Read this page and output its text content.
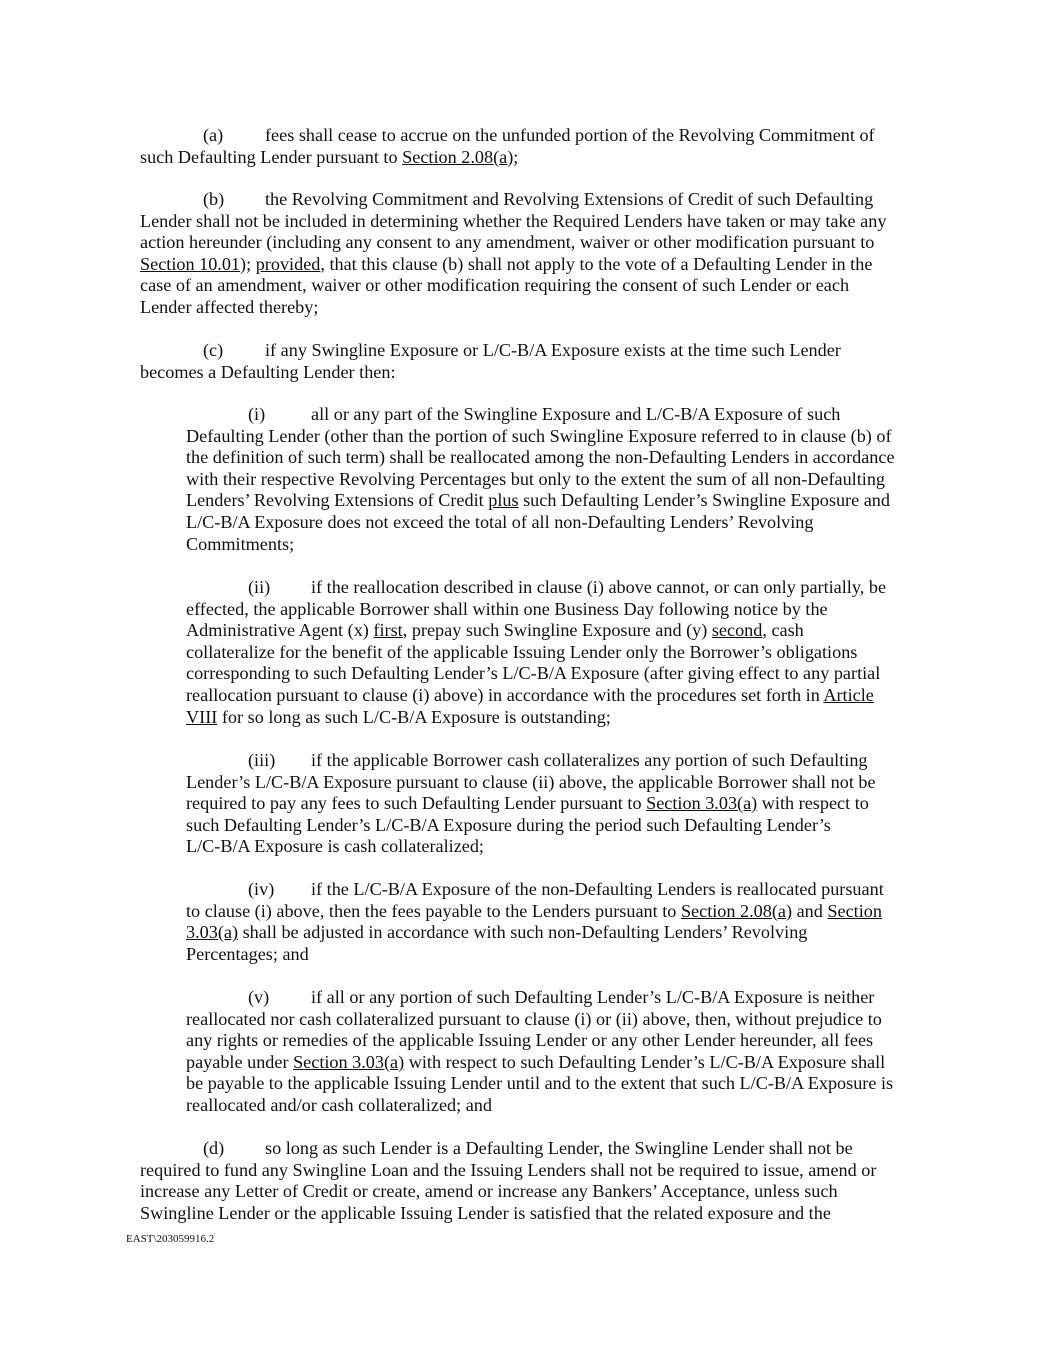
(a) fees shall cease to accrue on the unfunded portion of the Revolving Commitment of
such Defaulting Lender pursuant to Section 2.08(a);
(b) the Revolving Commitment and Revolving Extensions of Credit of such Defaulting
Lender shall not be included in determining whether the Required Lenders have taken or may take any
action hereunder (including any consent to any amendment, waiver or other modification pursuant to
Section 10.01); provided, that this clause (b) shall not apply to the vote of a Defaulting Lender in the
case of an amendment, waiver or other modification requiring the consent of such Lender or each
Lender affected thereby;
(c) if any Swingline Exposure or L/C-B/A Exposure exists at the time such Lender
becomes a Defaulting Lender then:
(i)	all or any part of the Swingline Exposure and L/C-B/A Exposure of such
Defaulting Lender (other than the portion of such Swingline Exposure referred to in clause (b) of
the definition of such term) shall be reallocated among the non-Defaulting Lenders in accordance
with their respective Revolving Percentages but only to the extent the sum of all non-Defaulting
Lenders’ Revolving Extensions of Credit plus such Defaulting Lender’s Swingline Exposure and
L/C-B/A Exposure does not exceed the total of all non-Defaulting Lenders’ Revolving
Commitments;
(ii) if the reallocation described in clause (i) above cannot, or can only partially, be
effected, the applicable Borrower shall within one Business Day following notice by the
Administrative Agent (x) first, prepay such Swingline Exposure and (y) second, cash
collateralize for the benefit of the applicable Issuing Lender only the Borrower’s obligations
corresponding to such Defaulting Lender’s L/C-B/A Exposure (after giving effect to any partial
reallocation pursuant to clause (i) above) in accordance with the procedures set forth in Article
VIII for so long as such L/C-B/A Exposure is outstanding;
(iii) if the applicable Borrower cash collateralizes any portion of such Defaulting
Lender’s L/C-B/A Exposure pursuant to clause (ii) above, the applicable Borrower shall not be
required to pay any fees to such Defaulting Lender pursuant to Section 3.03(a) with respect to
such Defaulting Lender’s L/C-B/A Exposure during the period such Defaulting Lender’s
L/C-B/A Exposure is cash collateralized;
(iv) if the L/C-B/A Exposure of the non-Defaulting Lenders is reallocated pursuant
to clause (i) above, then the fees payable to the Lenders pursuant to Section 2.08(a) and Section
3.03(a) shall be adjusted in accordance with such non-Defaulting Lenders’ Revolving
Percentages; and
(v) if all or any portion of such Defaulting Lender’s L/C-B/A Exposure is neither
reallocated nor cash collateralized pursuant to clause (i) or (ii) above, then, without prejudice to
any rights or remedies of the applicable Issuing Lender or any other Lender hereunder, all fees
payable under Section 3.03(a) with respect to such Defaulting Lender’s L/C-B/A Exposure shall
be payable to the applicable Issuing Lender until and to the extent that such L/C-B/A Exposure is
reallocated and/or cash collateralized; and
(d) so long as such Lender is a Defaulting Lender, the Swingline Lender shall not be
required to fund any Swingline Loan and the Issuing Lenders shall not be required to issue, amend or
increase any Letter of Credit or create, amend or increase any Bankers’ Acceptance, unless such
Swingline Lender or the applicable Issuing Lender is satisfied that the related exposure and the
EAST\203059916.2
